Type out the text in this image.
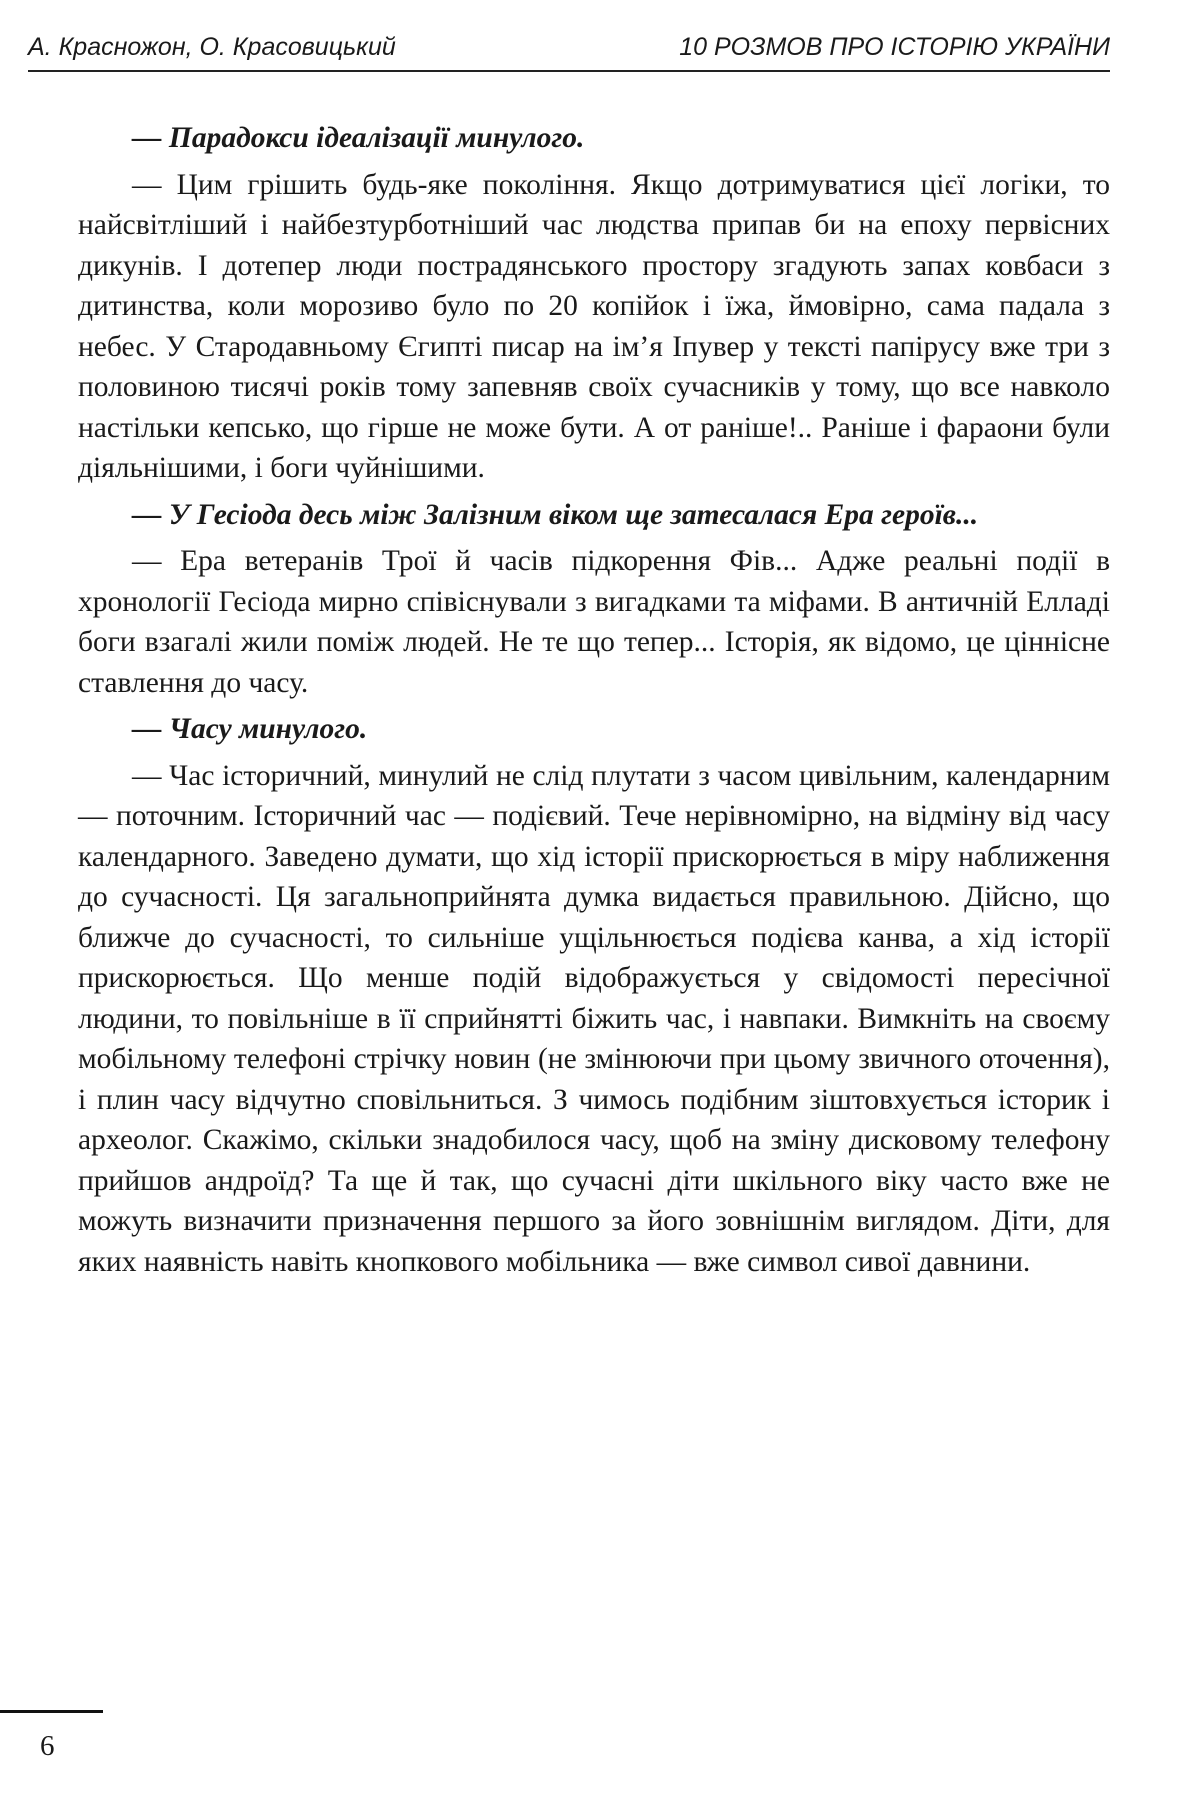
А. Красножон, О. Красовицький	10 РОЗМОВ ПРО ІСТОРІЮ УКРАЇНИ

— Парадокси ідеалізації минулого.

— Цим грішить будь-яке покоління. Якщо дотримуватися цієї логіки, то найсвітліший і найбезтурботніший час людства припав би на епоху первісних дикунів. І дотепер люди пострадянського простору згадують запах ковбаси з дитинства, коли морозиво було по 20 копійок і їжа, ймовірно, сама падала з небес. У Стародавньому Єгипті писар на ім’я Іпувер у тексті папірусу вже три з половиною тисячі років тому запевняв своїх сучасників у тому, що все навколо настільки кепсько, що гірше не може бути. А от раніше!.. Раніше і фараони були діяльнішими, і боги чуйнішими.

— У Гесіода десь між Залізним віком ще затесалася Ера героїв...

— Ера ветеранів Трої й часів підкорення Фів... Адже реальні події в хронології Гесіода мирно співіснували з вигадками та міфами. В античній Елладі боги взагалі жили поміж людей. Не те що тепер... Історія, як відомо, це ціннісне ставлення до часу.

— Часу минулого.

— Час історичний, минулий не слід плутати з часом цивільним, календарним — поточним. Історичний час — подієвий. Тече нерівномірно, на відміну від часу календарного. Заведено думати, що хід історії прискорюється в міру наближення до сучасності. Ця загальноприйнята думка видається правильною. Дійсно, що ближче до сучасності, то сильніше ущільнюється подієва канва, а хід історії прискорюється. Що менше подій відображується у свідомості пересічної людини, то повільніше в її сприйнятті біжить час, і навпаки. Вимкніть на своєму мобільному телефоні стрічку новин (не змінюючи при цьому звичного оточення), і плин часу відчутно сповільниться. З чимось подібним зіштовхується історик і археолог. Скажімо, скільки знадобилося часу, щоб на зміну дисковому телефону прийшов андроїд? Та ще й так, що сучасні діти шкільного віку часто вже не можуть визначити призначення першого за його зовнішнім виглядом. Діти, для яких наявність навіть кнопкового мобільника — вже символ сивої давнини.

6
